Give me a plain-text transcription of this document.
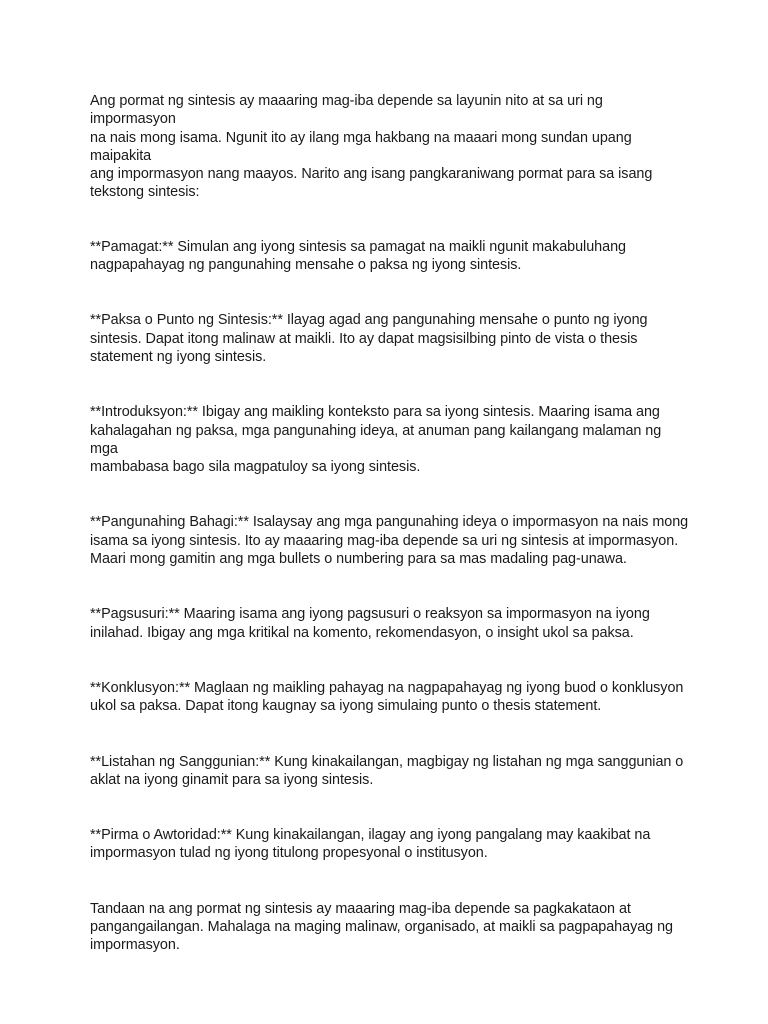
Ang pormat ng sintesis ay maaaring mag-iba depende sa layunin nito at sa uri ng impormasyon
na nais mong isama. Ngunit ito ay ilang mga hakbang na maaari mong sundan upang maipakita
ang impormasyon nang maayos. Narito ang isang pangkaraniwang pormat para sa isang
tekstong sintesis:

**Pamagat:** Simulan ang iyong sintesis sa pamagat na maikli ngunit makabuluhang
nagpapahayag ng pangunahing mensahe o paksa ng iyong sintesis.

**Paksa o Punto ng Sintesis:** Ilayag agad ang pangunahing mensahe o punto ng iyong
sintesis. Dapat itong malinaw at maikli. Ito ay dapat magsisilbing pinto de vista o thesis
statement ng iyong sintesis.

**Introduksyon:** Ibigay ang maikling konteksto para sa iyong sintesis. Maaring isama ang
kahalagahan ng paksa, mga pangunahing ideya, at anuman pang kailangang malaman ng mga
mambabasa bago sila magpatuloy sa iyong sintesis.

**Pangunahing Bahagi:** Isalaysay ang mga pangunahing ideya o impormasyon na nais mong
isama sa iyong sintesis. Ito ay maaaring mag-iba depende sa uri ng sintesis at impormasyon.
Maari mong gamitin ang mga bullets o numbering para sa mas madaling pag-unawa.

**Pagsusuri:** Maaring isama ang iyong pagsusuri o reaksyon sa impormasyon na iyong
inilahad. Ibigay ang mga kritikal na komento, rekomendasyon, o insight ukol sa paksa.

**Konklusyon:** Maglaan ng maikling pahayag na nagpapahayag ng iyong buod o konklusyon
ukol sa paksa. Dapat itong kaugnay sa iyong simulaing punto o thesis statement.

**Listahan ng Sanggunian:** Kung kinakailangan, magbigay ng listahan ng mga sanggunian o
aklat na iyong ginamit para sa iyong sintesis.

**Pirma o Awtoridad:** Kung kinakailangan, ilagay ang iyong pangalang may kaakibat na
impormasyon tulad ng iyong titulong propesyonal o institusyon.

Tandaan na ang pormat ng sintesis ay maaaring mag-iba depende sa pagkakataon at
pangangailangan. Mahalaga na maging malinaw, organisado, at maikli sa pagpapahayag ng
impormasyon.
